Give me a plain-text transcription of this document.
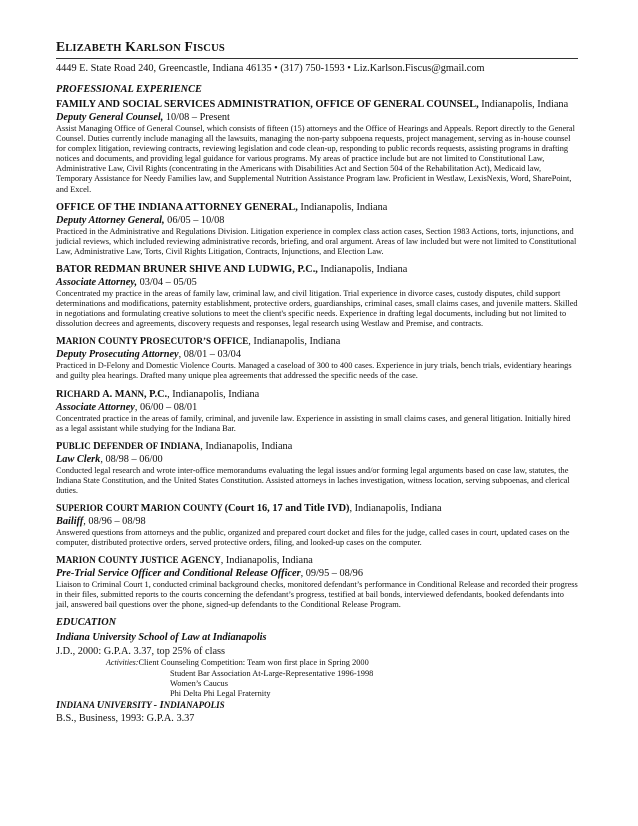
ELIZABETH KARLSON FISCUS
4449 E. State Road 240, Greencastle, Indiana 46135 • (317) 750-1593 • Liz.Karlson.Fiscus@gmail.com
PROFESSIONAL EXPERIENCE
FAMILY AND SOCIAL SERVICES ADMINISTRATION, OFFICE OF GENERAL COUNSEL, Indianapolis, Indiana
Deputy General Counsel, 10/08 – Present

Assist Managing Office of General Counsel, which consists of fifteen (15) attorneys and the Office of Hearings and Appeals. Report directly to the General Counsel. Duties currently include managing all the lawsuits, managing the non-party subpoena requests, project management, serving as in-house counsel for complex litigation, reviewing contracts, reviewing legislation and code clean-up, responding to public records requests, assisting programs in drafting notices and documents, and providing legal guidance for various programs. My areas of practice include but are not limited to Constitutional Law, Administrative Law, Civil Rights (concentrating in the Americans with Disabilities Act and Section 504 of the Rehabilitation Act), Medicaid law, Temporary Assistance for Needy Families law, and Supplemental Nutrition Assistance Program law. Proficient in Westlaw, LexisNexis, Word, SharePoint, and Excel.

OFFICE OF THE INDIANA ATTORNEY GENERAL, Indianapolis, Indiana
Deputy Attorney General, 06/05 – 10/08

Practiced in the Administrative and Regulations Division. Litigation experience in complex class action cases, Section 1983 Actions, torts, injunctions, and judicial reviews, which included reviewing administrative records, briefing, and oral argument. Areas of law included but were not limited to Constitutional Law, Administrative Law, Torts, Civil Rights Litigation, Contracts, Injunctions, and Election Law.

BATOR REDMAN BRUNER SHIVE AND LUDWIG, P.C., Indianapolis, Indiana
Associate Attorney, 03/04 – 05/05

Concentrated my practice in the areas of family law, criminal law, and civil litigation. Trial experience in divorce cases, custody disputes, child support determinations and modifications, paternity establishment, protective orders, guardianships, criminal cases, small claims cases, and juvenile matters. Skilled in negotiations and formulating creative solutions to meet the client's specific needs. Experience in drafting legal documents, including but not limited to dissolution decrees and agreements, discovery requests and responses, legal research using Westlaw and Premise, and contracts.

MARION COUNTY PROSECUTOR’S OFFICE, Indianapolis, Indiana
Deputy Prosecuting Attorney, 08/01 – 03/04

Practiced in D-Felony and Domestic Violence Courts. Managed a caseload of 300 to 400 cases. Experience in jury trials, bench trials, evidentiary hearings and guilty plea hearings. Drafted many unique plea agreements that addressed the specific needs of the case.

RICHARD A. MANN, P.C., Indianapolis, Indiana
Associate Attorney, 06/00 – 08/01

Concentrated practice in the areas of family, criminal, and juvenile law. Experience in assisting in small claims cases, and general litigation. Initially hired as a legal assistant while studying for the Indiana Bar.

PUBLIC DEFENDER OF INDIANA, Indianapolis, Indiana
Law Clerk, 08/98 – 06/00

Conducted legal research and wrote inter-office memorandums evaluating the legal issues and/or forming legal arguments based on case law, statutes, the Indiana State Constitution, and the United States Constitution. Assisted attorneys in laches investigation, witness location, serving subpoenas, and clerical duties.

SUPERIOR COURT MARION COUNTY (Court 16, 17 and Title IVD), Indianapolis, Indiana
Bailiff, 08/96 – 08/98

Answered questions from attorneys and the public, organized and prepared court docket and files for the judge, called cases in court, updated cases on the computer, distributed protective orders, served protective orders, filing, and looked-up cases on the computer.

MARION COUNTY JUSTICE AGENCY, Indianapolis, Indiana
Pre-Trial Service Officer and Conditional Release Officer, 09/95 – 08/96

Liaison to Criminal Court 1, conducted criminal background checks, monitored defendant’s performance in Conditional Release and recorded their progress in their files, submitted reports to the courts concerning the defendant’s progress, testified at bail bonds, interviewed defendants, booked defendants into jail, answered bail questions over the phone, signed-up defendants to the Conditional Release Program.

EDUCATION
Indiana University School of Law at Indianapolis
J.D., 2000: G.P.A. 3.37, top 25% of class
Activities:Client Counseling Competition: Team won first place in Spring 2000
Student Bar Association At-Large-Representative 1996-1998
Women’s Caucus
Phi Delta Phi Legal Fraternity
INDIANA UNIVERSITY - INDIANAPOLIS
B.S., Business, 1993: G.P.A. 3.37
